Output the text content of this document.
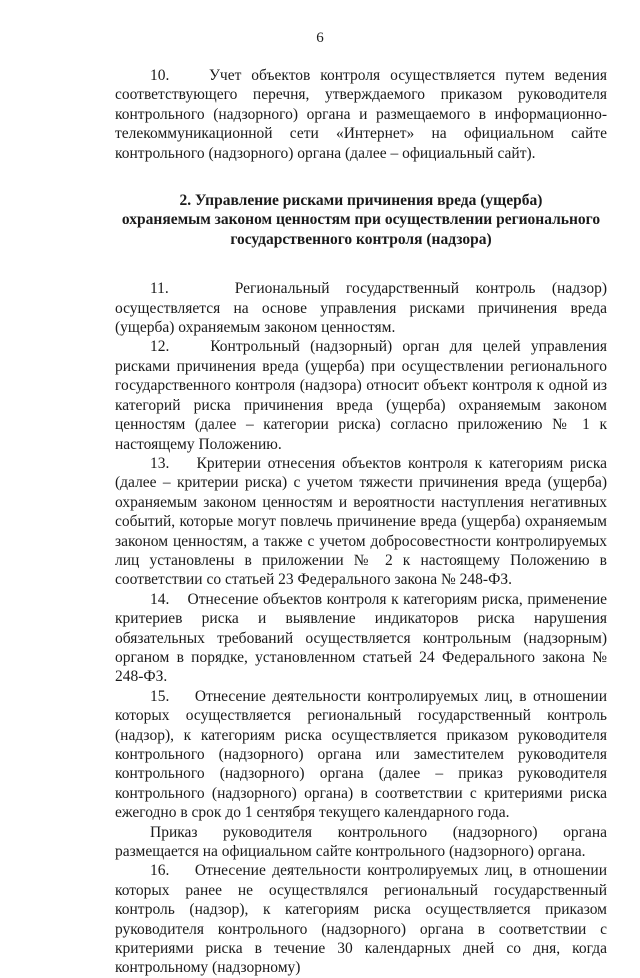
6

10.	Учет объектов контроля осуществляется путем ведения соответствующего перечня, утверждаемого приказом руководителя контрольного (надзорного) органа и размещаемого в информационно-телекоммуникационной сети «Интернет» на официальном сайте контрольного (надзорного) органа (далее – официальный сайт).

2. Управление рисками причинения вреда (ущерба)
охраняемым законом ценностям при осуществлении регионального
государственного контроля (надзора)

11.	Региональный государственный контроль (надзор) осуществляется на основе управления рисками причинения вреда (ущерба) охраняемым законом ценностям.

12.	Контрольный (надзорный) орган для целей управления рисками причинения вреда (ущерба) при осуществлении регионального государственного контроля (надзора) относит объект контроля к одной из категорий риска причинения вреда (ущерба) охраняемым законом ценностям (далее – категории риска) согласно приложению № 1 к настоящему Положению.

13. Критерии отнесения объектов контроля к категориям риска (далее – критерии риска) с учетом тяжести причинения вреда (ущерба) охраняемым законом ценностям и вероятности наступления негативных событий, которые могут повлечь причинение вреда (ущерба) охраняемым законом ценностям, а также с учетом добросовестности контролируемых лиц установлены в приложении № 2 к настоящему Положению в соответствии со статьей 23 Федерального закона № 248-ФЗ.

14. Отнесение объектов контроля к категориям риска, применение критериев риска и выявление индикаторов риска нарушения обязательных требований осуществляется контрольным (надзорным) органом в порядке, установленном статьей 24 Федерального закона № 248-ФЗ.

15. Отнесение деятельности контролируемых лиц, в отношении которых осуществляется региональный государственный контроль (надзор), к категориям риска осуществляется приказом руководителя контрольного (надзорного) органа или заместителем руководителя контрольного (надзорного) органа (далее – приказ руководителя контрольного (надзорного) органа) в соответствии с критериями риска ежегодно в срок до 1 сентября текущего календарного года.

Приказ руководителя контрольного (надзорного) органа размещается на официальном сайте контрольного (надзорного) органа.

16. Отнесение деятельности контролируемых лиц, в отношении которых ранее не осуществлялся региональный государственный контроль (надзор), к категориям риска осуществляется приказом руководителя контрольного (надзорного) органа в соответствии с критериями риска в течение 30 календарных дней со дня, когда контрольному (надзорному)
